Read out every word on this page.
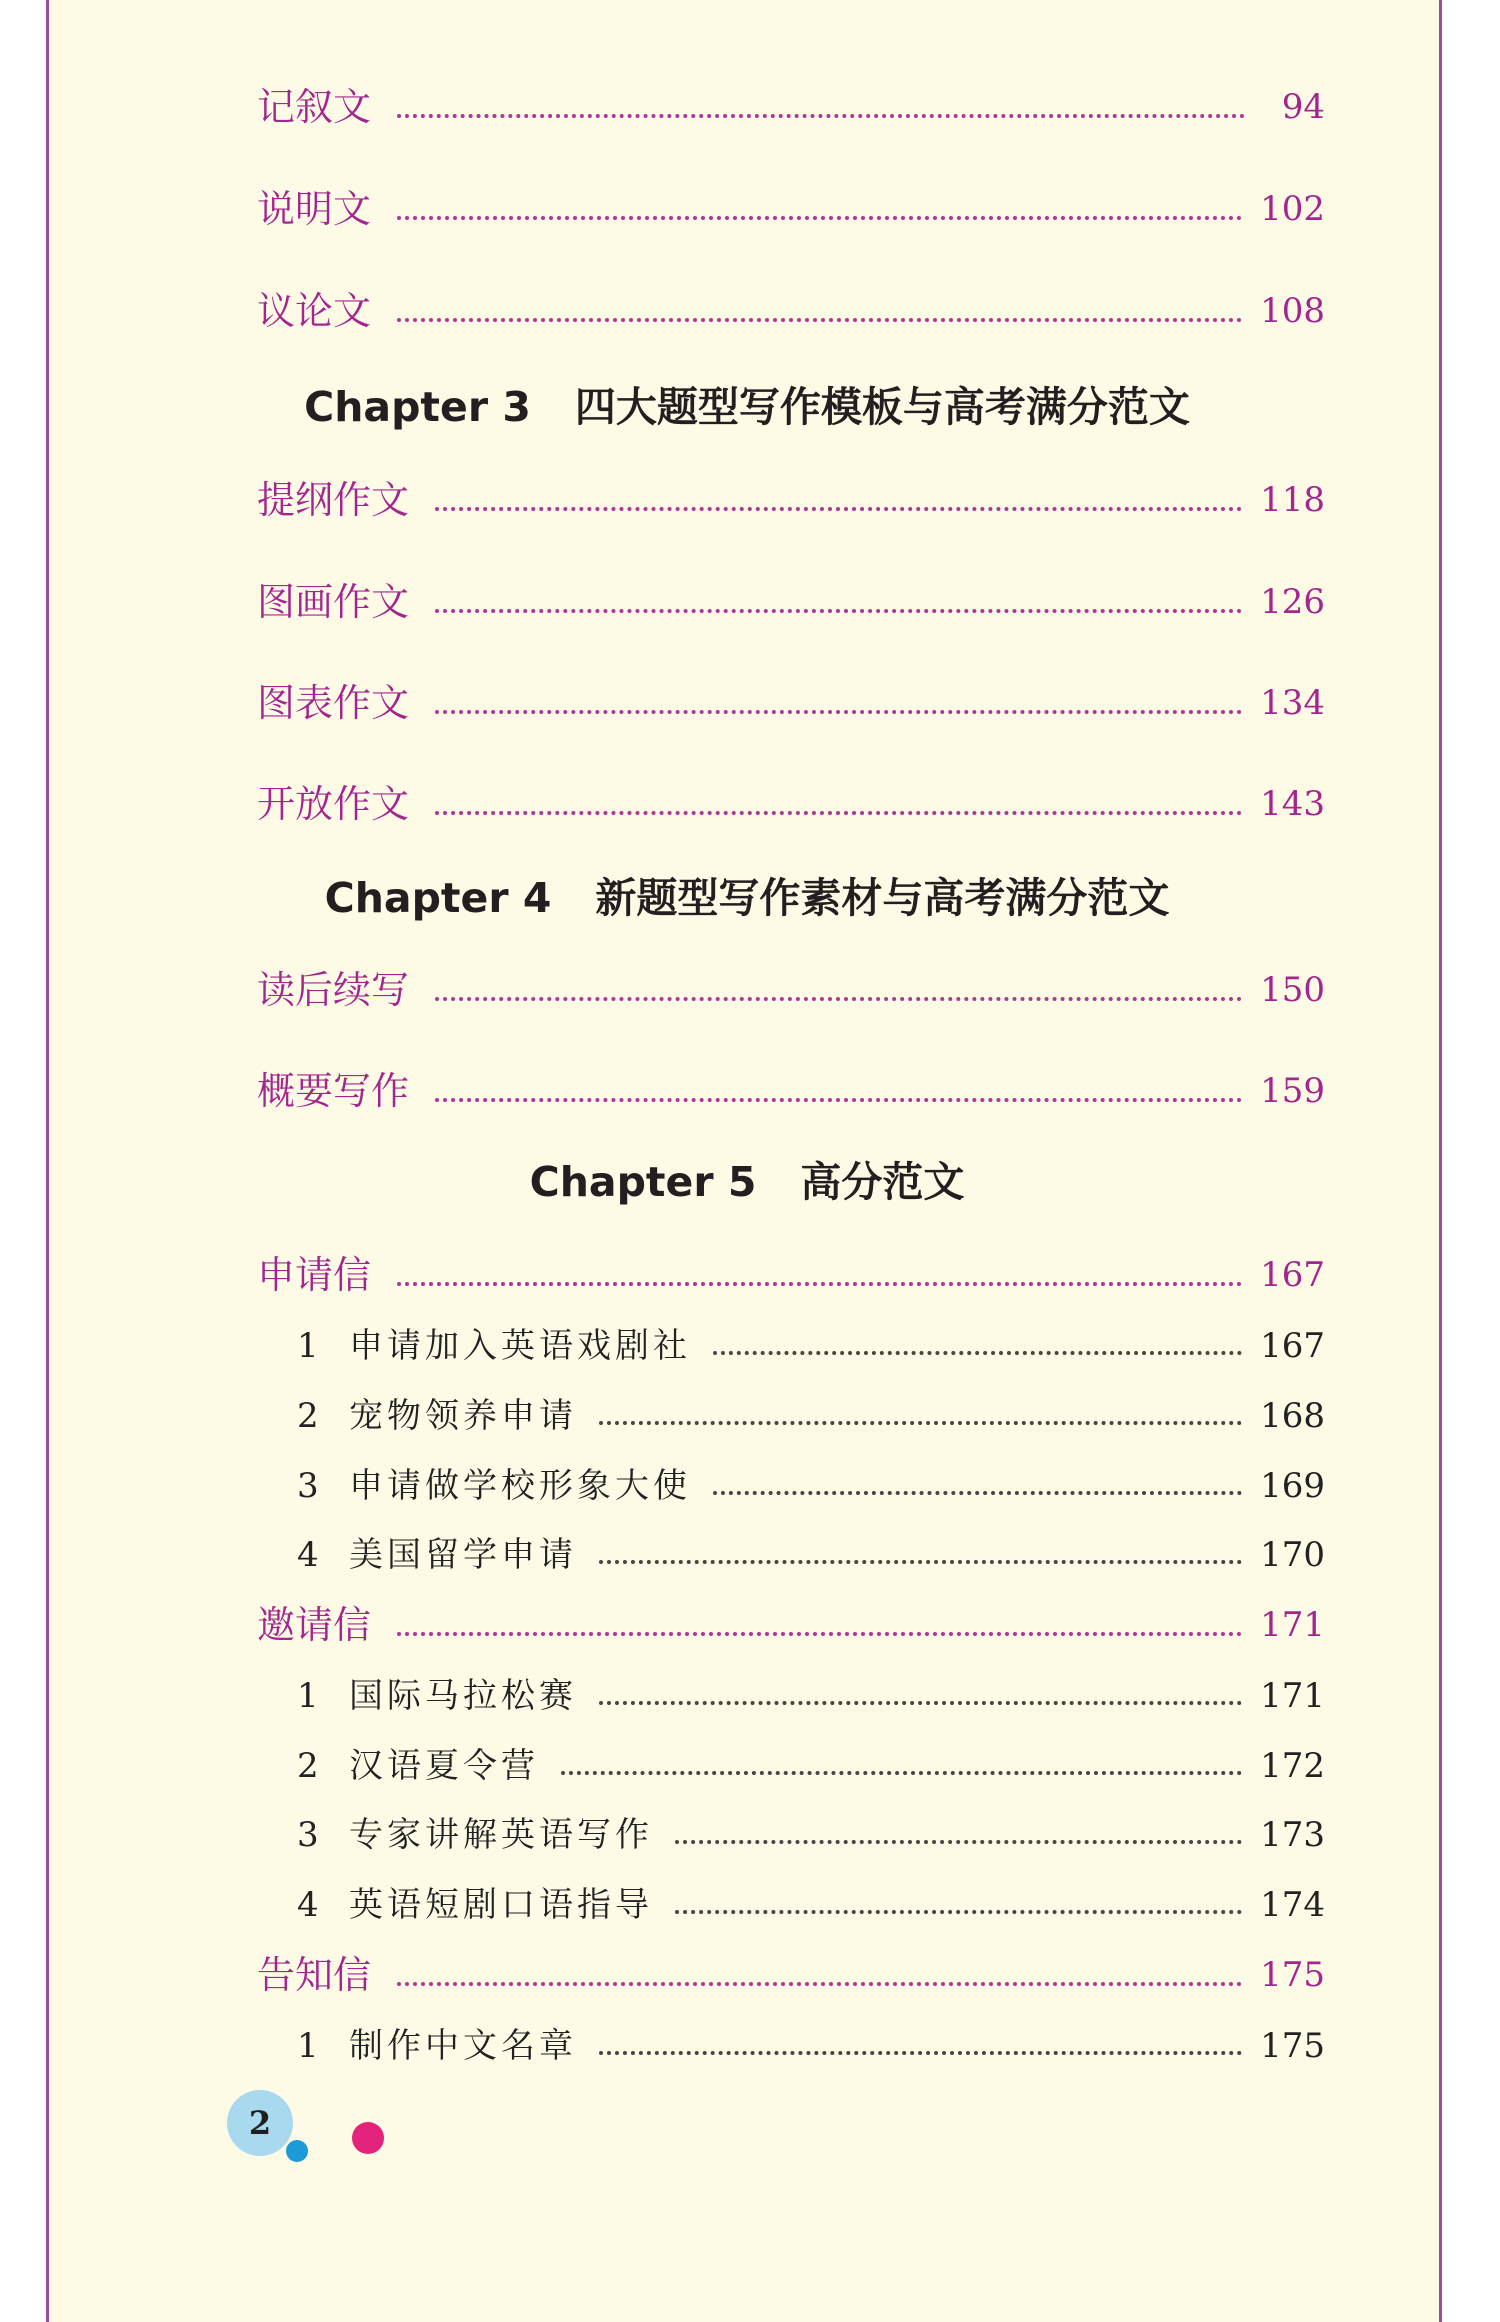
记叙文	94
说明文	102
议论文	108
Chapter 3 四大题型写作模板与高考满分范文
提纲作文	118
图画作文	126
图表作文	134
开放作文	143
Chapter 4 新题型写作素材与高考满分范文
读后续写	150
概要写作	159
Chapter 5 高分范文
申请信	167
1 申请加入英语戏剧社	167
2 宠物领养申请	168
3 申请做学校形象大使	169
4 美国留学申请	170
邀请信	171
1 国际马拉松赛	171
2 汉语夏令营	172
3 专家讲解英语写作	173
4 英语短剧口语指导	174
告知信	175
1 制作中文名章	175
2
